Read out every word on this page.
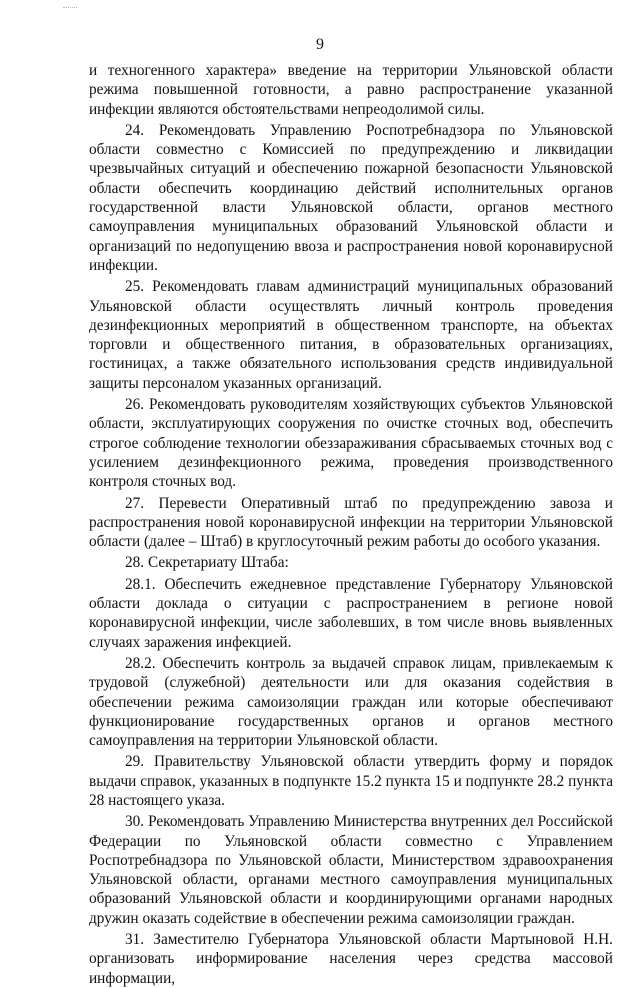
9

и техногенного характера» введение на территории Ульяновской области режима повышенной готовности, а равно распространение указанной инфекции являются обстоятельствами непреодолимой силы.

24. Рекомендовать Управлению Роспотребнадзора по Ульяновской области совместно с Комиссией по предупреждению и ликвидации чрезвычайных ситуаций и обеспечению пожарной безопасности Ульяновской области обеспечить координацию действий исполнительных органов государственной власти Ульяновской области, органов местного самоуправления муниципальных образований Ульяновской области и организаций по недопущению ввоза и распространения новой коронавирусной инфекции.

25. Рекомендовать главам администраций муниципальных образований Ульяновской области осуществлять личный контроль проведения дезинфекционных мероприятий в общественном транспорте, на объектах торговли и общественного питания, в образовательных организациях, гостиницах, а также обязательного использования средств индивидуальной защиты персоналом указанных организаций.

26. Рекомендовать руководителям хозяйствующих субъектов Ульяновской области, эксплуатирующих сооружения по очистке сточных вод, обеспечить строгое соблюдение технологии обеззараживания сбрасываемых сточных вод с усилением дезинфекционного режима, проведения производственного контроля сточных вод.

27. Перевести Оперативный штаб по предупреждению завоза и распространения новой коронавирусной инфекции на территории Ульяновской области (далее – Штаб) в круглосуточный режим работы до особого указания.

28. Секретариату Штаба:

28.1. Обеспечить ежедневное представление Губернатору Ульяновской области доклада о ситуации с распространением в регионе новой коронавирусной инфекции, числе заболевших, в том числе вновь выявленных случаях заражения инфекцией.

28.2. Обеспечить контроль за выдачей справок лицам, привлекаемым к трудовой (служебной) деятельности или для оказания содействия в обеспечении режима самоизоляции граждан или которые обеспечивают функционирование государственных органов и органов местного самоуправления на территории Ульяновской области.

29. Правительству Ульяновской области утвердить форму и порядок выдачи справок, указанных в подпункте 15.2 пункта 15 и подпункте 28.2 пункта 28 настоящего указа.

30. Рекомендовать Управлению Министерства внутренних дел Российской Федерации по Ульяновской области совместно с Управлением Роспотребнадзора по Ульяновской области, Министерством здравоохранения Ульяновской области, органами местного самоуправления муниципальных образований Ульяновской области и координирующими органами народных дружин оказать содействие в обеспечении режима самоизоляции граждан.

31. Заместителю Губернатора Ульяновской области Мартыновой Н.Н. организовать информирование населения через средства массовой информации,
